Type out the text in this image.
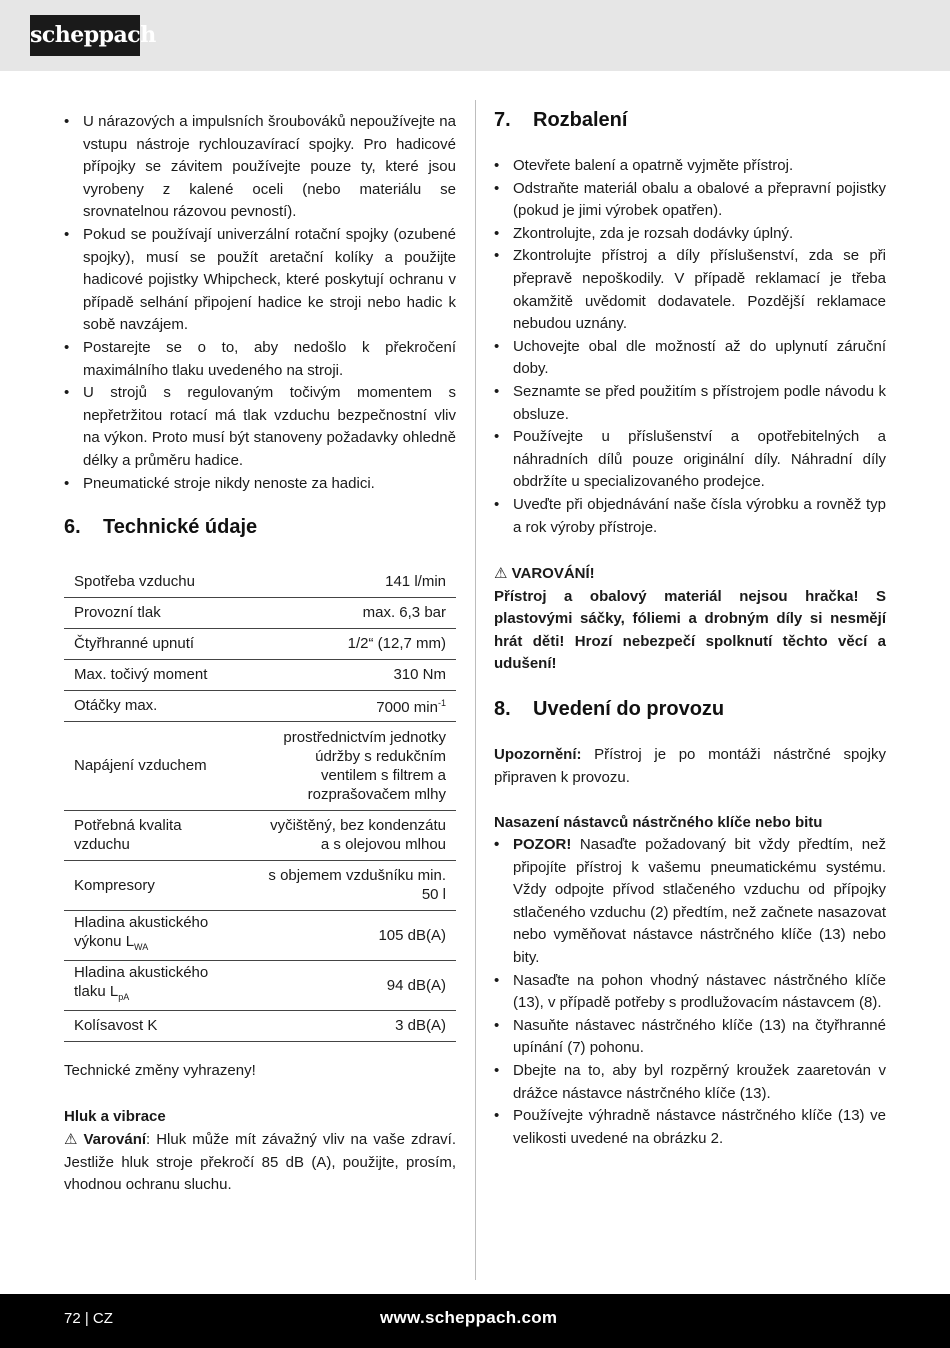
scheppach
• U nárazových a impulsních šroubováků nepoužívejte na vstupu nástroje rychlouzavírací spojky. Pro hadicové přípojky se závitem používejte pouze ty, které jsou vyrobeny z kalené oceli (nebo materiálu se srovnatelnou rázovou pevností).
• Pokud se používají univerzální rotační spojky (ozubené spojky), musí se použít aretační kolíky a použijte hadicové pojistky Whipcheck, které poskytují ochranu v případě selhání připojení hadice ke stroji nebo hadic k sobě navzájem.
• Postarejte se o to, aby nedošlo k překročení maximálního tlaku uvedeného na stroji.
• U strojů s regulovaným točivým momentem s nepřetržitou rotací má tlak vzduchu bezpečnostní vliv na výkon. Proto musí být stanoveny požadavky ohledně délky a průměru hadice.
• Pneumatické stroje nikdy nenoste za hadici.
6. Technické údaje
Spotřeba vzduchu	141 l/min
Provozní tlak	max. 6,3 bar
Čtyřhranné upnutí	1/2“ (12,7 mm)
Max. točivý moment	310 Nm
Otáčky max.	7000 $\min^{-1}$
Napájení vzduchem	prostřednictvím jednotky údržby s redukčním ventilem s filtrem a rozprašovačem mlhy
Potřebná kvalita vzduchu	vyčištěný, bez kondenzátu a s olejovou mlhou
Kompresory	s objemem vzdušníku min. 50 l
Hladina akustického výkonu $L_{WA}$	105 dB(A)
Hladina akustického tlaku $L_{pA}$	94 dB(A)
Kolísavost K	3 dB(A)
Technické změny vyhrazeny!
Hluk a vibrace
⚠ Varování: Hluk může mít závažný vliv na vaše zdraví. Jestliže hluk stroje překročí 85 dB (A), použijte, prosím, vhodnou ochranu sluchu.
7. Rozbalení
• Otevřete balení a opatrně vyjměte přístroj.
• Odstraňte materiál obalu a obalové a přepravní pojistky (pokud je jimi výrobek opatřen).
• Zkontrolujte, zda je rozsah dodávky úplný.
• Zkontrolujte přístroj a díly příslušenství, zda se při přepravě nepoškodily. V případě reklamací je třeba okamžitě uvědomit dodavatele. Pozdější reklamace nebudou uznány.
• Uchovejte obal dle možností až do uplynutí záruční doby.
• Seznamte se před použitím s přístrojem podle návodu k obsluze.
• Používejte u příslušenství a opotřebitelných a náhradních dílů pouze originální díly. Náhradní díly obdržíte u specializovaného prodejce.
• Uveďte při objednávání naše čísla výrobku a rovněž typ a rok výroby přístroje.
⚠ VAROVÁNÍ!
Přístroj a obalový materiál nejsou hračka! S plastovými sáčky, fóliemi a drobným díly si nesmějí hrát děti! Hrozí nebezpečí spolknutí těchto věcí a udušení!
8. Uvedení do provozu
Upozornění: Přístroj je po montáži nástrčné spojky připraven k provozu.
Nasazení nástavců nástrčného klíče nebo bitu
• POZOR! Nasaďte požadovaný bit vždy předtím, než připojíte přístroj k vašemu pneumatickému systému. Vždy odpojte přívod stlačeného vzduchu od přípojky stlačeného vzduchu (2) předtím, než začnete nasazovat nebo vyměňovat nástavce nástrčného klíče (13) nebo bity.
• Nasaďte na pohon vhodný nástavec nástrčného klíče (13), v případě potřeby s prodlužovacím nástavcem (8).
• Nasuňte nástavec nástrčného klíče (13) na čtyřhranné upínání (7) pohonu.
• Dbejte na to, aby byl rozpěrný kroužek zaaretován v drážce nástavce nástrčného klíče (13).
• Používejte výhradně nástavce nástrčného klíče (13) ve velikosti uvedené na obrázku 2.
72 | CZ	www.scheppach.com
